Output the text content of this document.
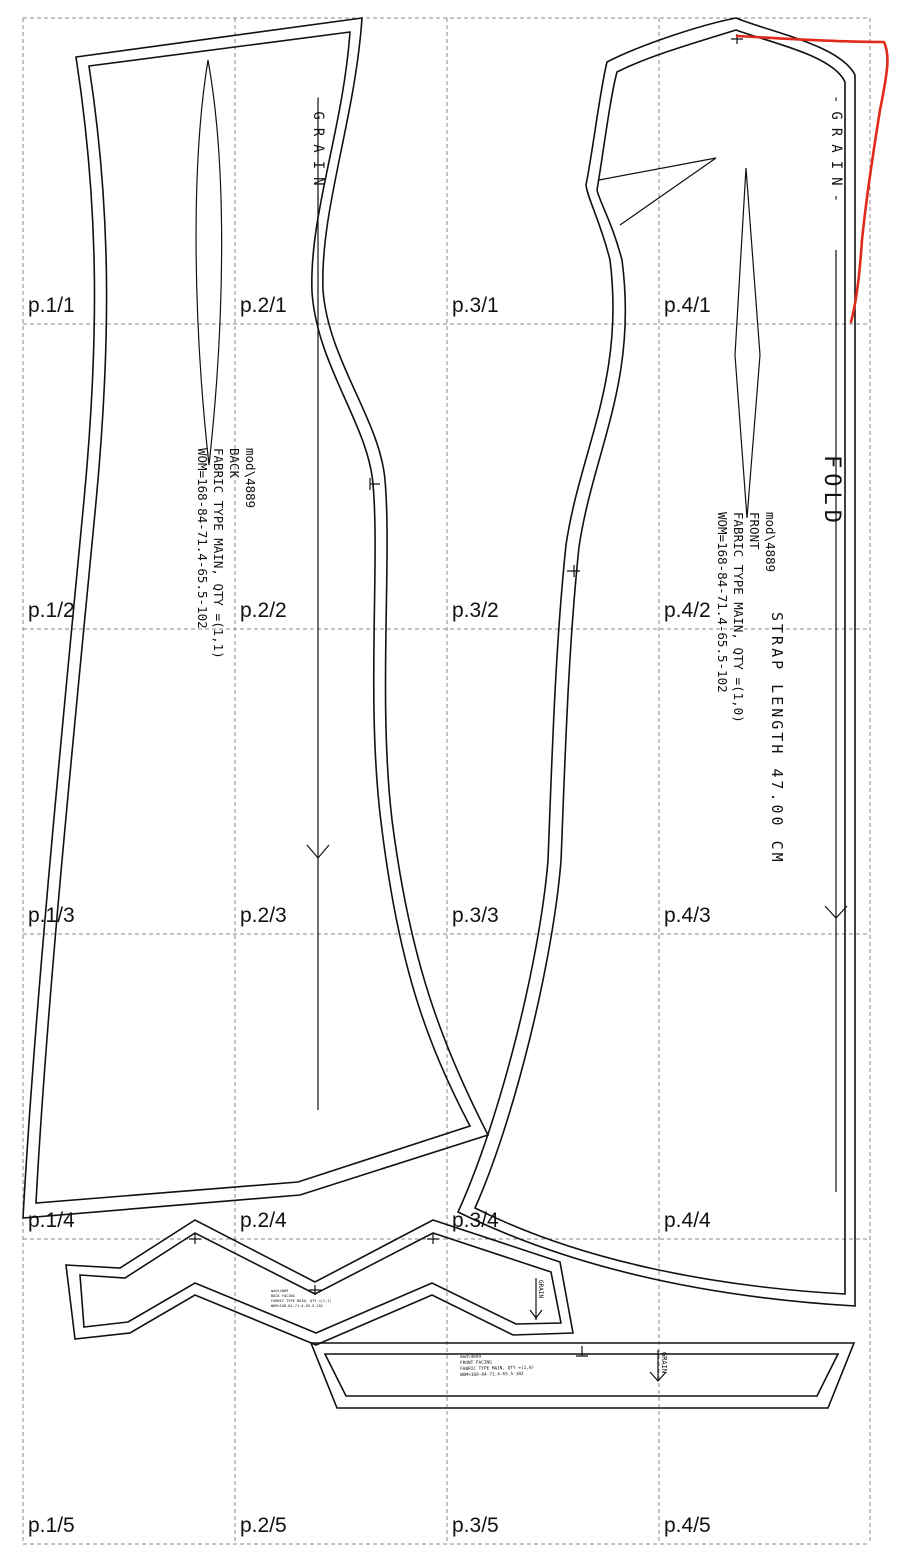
p.1/1	p.2/1	p.3/1	p.4/1
p.1/2	p.2/2	p.3/2	p.4/2
p.1/3	p.2/3	p.3/3	p.4/3
p.1/4	p.2/4	p.3/4	p.4/4
p.1/5	p.2/5	p.3/5	p.4/5
-GRAIN-
mod\4889
BACK
FABRIC TYPE MAIN, QTY =(1,1)
WOM=168-84-71.4-65.5-102
-GRAIN-
FOLD
mod\4889
FRONT
FABRIC TYPE MAIN, QTY =(1,0)
WOM=168-84-71.4-65.5-102
STRAP LENGTH 47.00 CM
GRAIN
mod\4889
BACK FACING
FABRIC TYPE MAIN, QTY =(1,1)
WOM=168-84-71.4-65.5-102
GRAIN
mod\4889
FRONT FACING
FABRIC TYPE MAIN, QTY =(1,0)
WOM=168-84-71.4-65.5-102
